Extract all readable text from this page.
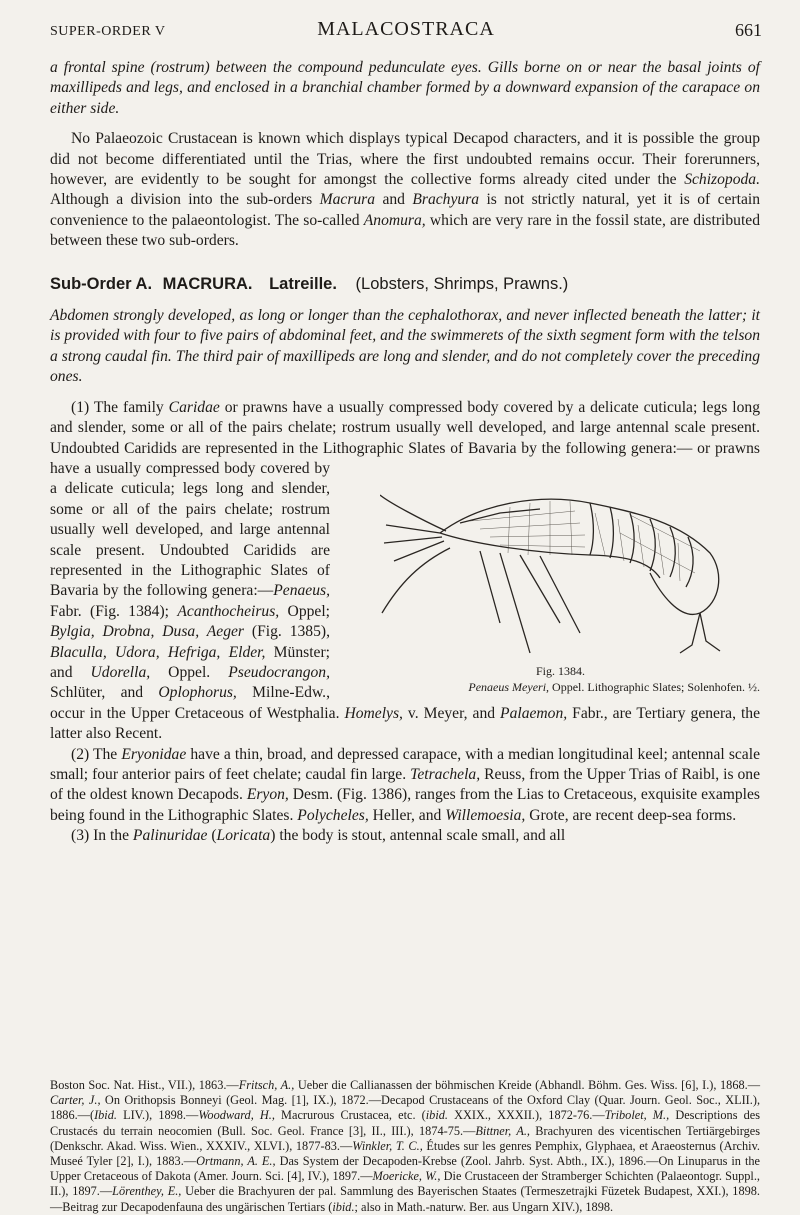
SUPER-ORDER V	MALACOSTRACA	661

a frontal spine (rostrum) between the compound pedunculate eyes. Gills borne on or near the basal joints of maxillipeds and legs, and enclosed in a branchial chamber formed by a downward expansion of the carapace on either side.

No Palaeozoic Crustacean is known which displays typical Decapod characters, and it is possible the group did not become differentiated until the Trias, where the first undoubted remains occur. Their forerunners, however, are evidently to be sought for amongst the collective forms already cited under the Schizopoda. Although a division into the sub-orders Macrura and Brachyura is not strictly natural, yet it is of certain convenience to the palaeontologist. The so-called Anomura, which are very rare in the fossil state, are distributed between these two sub-orders.

Sub-Order A. MACRURA. Latreille. (Lobsters, Shrimps, Prawns.)

Abdomen strongly developed, as long or longer than the cephalothorax, and never inflected beneath the latter; it is provided with four to five pairs of abdominal feet, and the swimmerets of the sixth segment form with the telson a strong caudal fin. The third pair of maxillipeds are long and slender, and do not completely cover the preceding ones.

(1) The family Caridae or prawns have a usually compressed body covered by a delicate cuticula; legs long and slender, some or all of the pairs chelate; rostrum usually well developed, and large antennal scale present. Undoubted Caridids are represented in the Lithographic Slates of Bavaria by the following genera:—
Fig. 1384.
Penaeus Meyeri, Oppel. Lithographic Slates; Solenhofen. ½.
or prawns have a usually compressed body covered by a delicate cuticula; legs long and slender, some or all of the pairs chelate; rostrum usually well developed, and large antennal scale present. Undoubted Caridids are represented in the Lithographic Slates of Bavaria by the following genera:—Penaeus, Fabr. (Fig. 1384); Acanthocheirus, Oppel; Bylgia, Drobna, Dusa, Aeger (Fig. 1385), Blaculla, Udora, Hefriga, Elder, Münster; and Udorella, Oppel. Pseudocrangon, Schlüter, and Oplophorus, Milne-Edw., occur in the Upper Cretaceous of Westphalia. Homelys, v. Meyer, and Palaemon, Fabr., are Tertiary genera, the latter also Recent.

(2) The Eryonidae have a thin, broad, and depressed carapace, with a median longitudinal keel; antennal scale small; four anterior pairs of feet chelate; caudal fin large. Tetrachela, Reuss, from the Upper Trias of Raibl, is one of the oldest known Decapods. Eryon, Desm. (Fig. 1386), ranges from the Lias to Cretaceous, exquisite examples being found in the Lithographic Slates. Polycheles, Heller, and Willemoesia, Grote, are recent deep-sea forms.

(3) In the Palinuridae (Loricata) the body is stout, antennal scale small, and all

Boston Soc. Nat. Hist., VII.), 1863.—Fritsch, A., Ueber die Callianassen der böhmischen Kreide (Abhandl. Böhm. Ges. Wiss. [6], I.), 1868.—Carter, J., On Orithopsis Bonneyi (Geol. Mag. [1], IX.), 1872.—Decapod Crustaceans of the Oxford Clay (Quar. Journ. Geol. Soc., XLII.), 1886.—(Ibid. LIV.), 1898.—Woodward, H., Macrurous Crustacea, etc. (ibid. XXIX., XXXII.), 1872-76.—Tribolet, M., Descriptions des Crustacés du terrain neocomien (Bull. Soc. Geol. France [3], II., III.), 1874-75.—Bittner, A., Brachyuren des vicentischen Tertiärgebirges (Denkschr. Akad. Wiss. Wien., XXXIV., XLVI.), 1877-83.—Winkler, T. C., Études sur les genres Pemphix, Glyphaea, et Araeosternus (Archiv. Museé Tyler [2], I.), 1883.—Ortmann, A. E., Das System der Decapoden-Krebse (Zool. Jahrb. Syst. Abth., IX.), 1896.—On Linuparus in the Upper Cretaceous of Dakota (Amer. Journ. Sci. [4], IV.), 1897.—Moericke, W., Die Crustaceen der Stramberger Schichten (Palaeontogr. Suppl., II.), 1897.—Lörenthey, E., Ueber die Brachyuren der pal. Sammlung des Bayerischen Staates (Termeszetrajki Füzetek Budapest, XXI.), 1898.—Beitrag zur Decapodenfauna des ungärischen Tertiars (ibid.; also in Math.-naturw. Ber. aus Ungarn XIV.), 1898.
